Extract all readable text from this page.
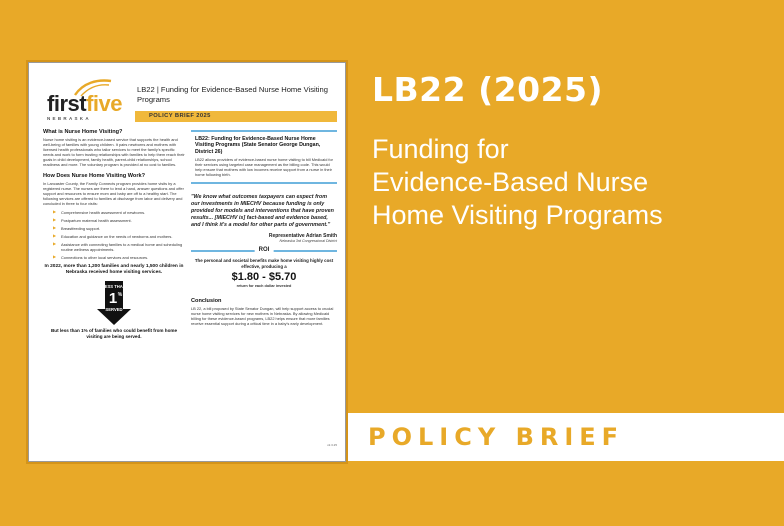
LB22 (2025)
Funding for
Evidence-Based Nurse
Home Visiting Programs
POLICY BRIEF
firstfive
NEBRASKA
LB22 | Funding for Evidence-Based Nurse Home Visiting Programs
POLICY BRIEF 2025
What is Nurse Home Visiting?
Nurse home visiting is an evidence-based service that supports the health and well-being of families with young children. It pairs newborns and mothers with licensed health professionals who tailor services to meet the family's specific needs and work to form trusting relationships with families to help them reach their goals in child development, family health, parent-child relationships, school readiness and more. The voluntary program is provided at no cost to families.
How Does Nurse Home Visiting Work?
In Lancaster County, the Family Connects program provides home visits by a registered nurse. The nurses are there to lend a hand, answer questions and offer support and resources to ensure mom and baby are off to a healthy start. The following services are offered to families at discharge from labor and delivery and concluded in three to four visits:
▶ Comprehensive health assessment of newborns.
▶ Postpartum maternal health assessment.
▶ Breastfeeding support.
▶ Education and guidance on the needs of newborns and mothers.
▶ Assistance with connecting families to a medical home and scheduling routine wellness appointments.
▶ Connections to other local services and resources.
In 2022, more than 1,200 families and nearly 1,500 children in Nebraska received home visiting services.
LESS THAN
1 %
SERVED
But less than 1% of families who could benefit from home visiting are being served.
LB22: Funding for Evidence-Based Nurse Home Visiting Programs (State Senator George Dungan, District 26)
LB22 allows providers of evidence-based nurse home visiting to bill Medicaid for their services using targeted case management as the billing code. This would help ensure that mothers with low incomes receive support from a nurse in their home following birth.
"We know what outcomes taxpayers can expect from our investments in MIECHV because funding is only provided for models and interventions that have proven results... [MIECHV is] fact-based and evidence based, and I think it's a model for other parts of government."
Representative Adrian Smith
Nebraska 3rd Congressional District
ROI
The personal and societal benefits make home visiting highly cost effective, producing a
$1.80 - $5.70
return for each dollar invested
Conclusion
LB 22, a bill proposed by State Senator Dungan, will help support access to crucial nurse home visiting services for new mothers in Nebraska. By allowing Medicaid billing for these evidence-based programs, LB22 helps ensure that more families receive essential support during a critical time in a baby's early development.
v2.3.25
